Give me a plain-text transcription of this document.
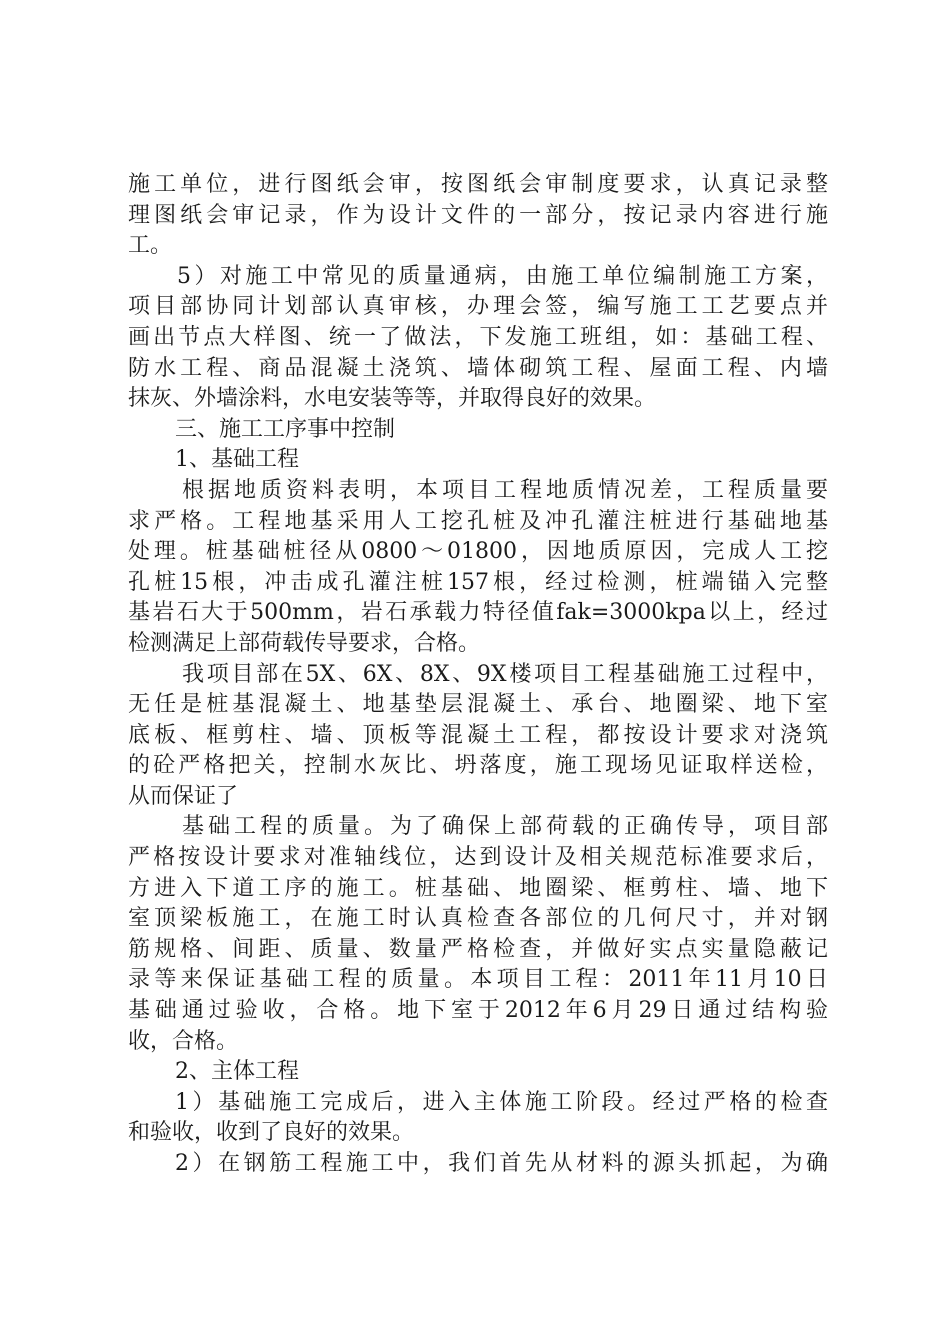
施工单位，进行图纸会审，按图纸会审制度要求，认真记录整
理图纸会审记录，作为设计文件的一部分，按记录内容进行施
工。
5）对施工中常见的质量通病，由施工单位编制施工方案，
项目部协同计划部认真审核，办理会签，编写施工工艺要点并
画出节点大样图、统一了做法，下发施工班组，如：基础工程、
防水工程、商品混凝土浇筑、墙体砌筑工程、屋面工程、内墙
抹灰、外墙涂料，水电安装等等，并取得良好的效果。
三、施工工序事中控制
1、基础工程
根据地质资料表明，本项目工程地质情况差，工程质量要
求严格。工程地基采用人工挖孔桩及冲孔灌注桩进行基础地基
处理。桩基础桩径从0800～01800，因地质原因，完成人工挖
孔桩15根，冲击成孔灌注桩157根，经过检测，桩端锚入完整
基岩石大于500mm，岩石承载力特径值fak=3000kpa以上，经过
检测满足上部荷载传导要求，合格。
我项目部在5X、6X、8X、9X楼项目工程基础施工过程中，
无任是桩基混凝土、地基垫层混凝土、承台、地圈梁、地下室
底板、框剪柱、墙、顶板等混凝土工程，都按设计要求对浇筑
的砼严格把关，控制水灰比、坍落度，施工现场见证取样送检，
从而保证了
基础工程的质量。为了确保上部荷载的正确传导，项目部
严格按设计要求对准轴线位，达到设计及相关规范标准要求后，
方进入下道工序的施工。桩基础、地圈梁、框剪柱、墙、地下
室顶梁板施工，在施工时认真检查各部位的几何尺寸，并对钢
筋规格、间距、质量、数量严格检查，并做好实点实量隐蔽记
录等来保证基础工程的质量。本项目工程：2011年11月10日
基础通过验收，合格。地下室于2012年6月29日通过结构验
收，合格。
2、主体工程
1）基础施工完成后，进入主体施工阶段。经过严格的检查
和验收，收到了良好的效果。
2）在钢筋工程施工中，我们首先从材料的源头抓起，为确
